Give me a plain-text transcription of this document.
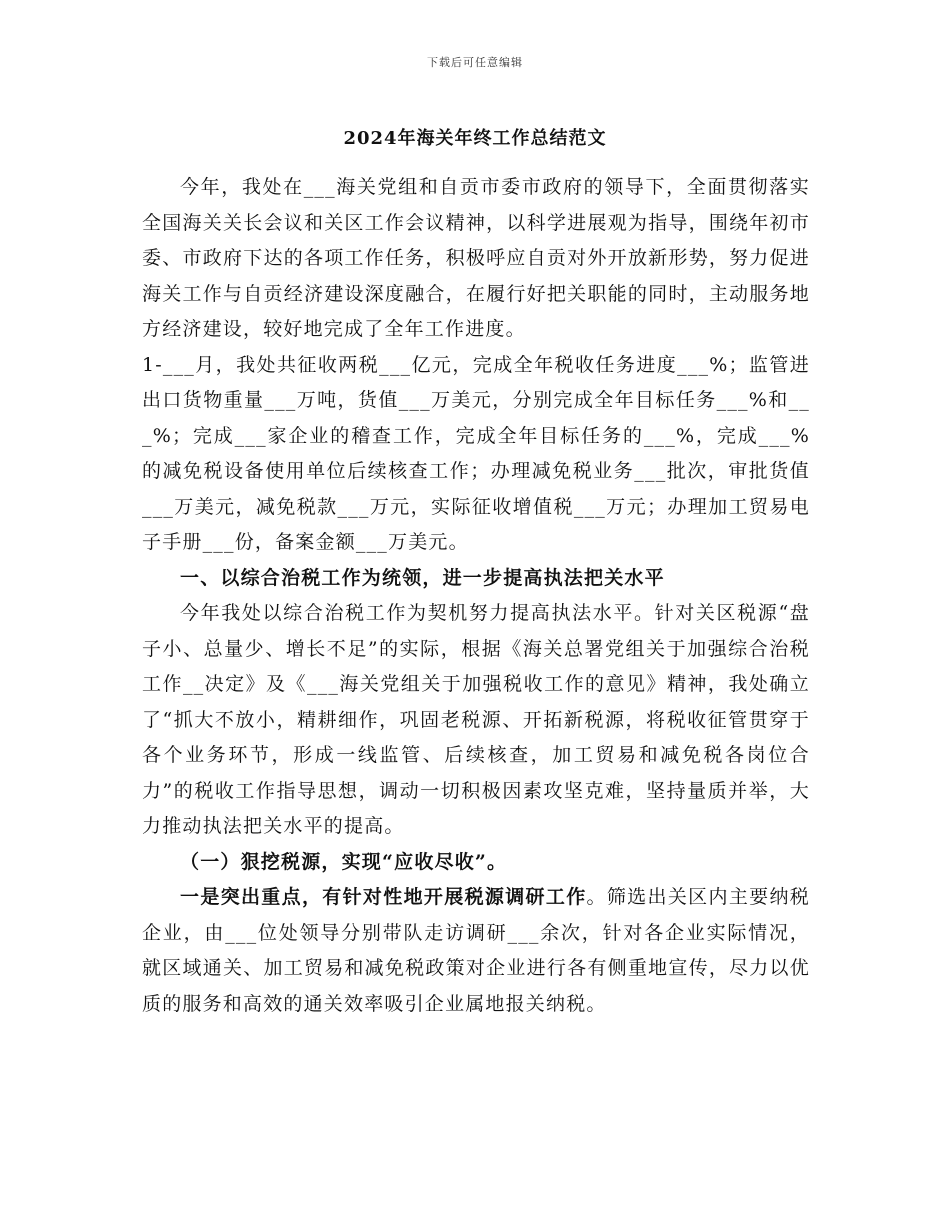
下载后可任意编辑
2024年海关年终工作总结范文

今年，我处在___海关党组和自贡市委市政府的领导下，全面贯彻落实全国海关关长会议和关区工作会议精神，以科学进展观为指导，围绕年初市委、市政府下达的各项工作任务，积极呼应自贡对外开放新形势，努力促进海关工作与自贡经济建设深度融合，在履行好把关职能的同时，主动服务地方经济建设，较好地完成了全年工作进度。

1-___月，我处共征收两税___亿元，完成全年税收任务进度___%；监管进出口货物重量___万吨，货值___万美元，分别完成全年目标任务___%和___%；完成___家企业的稽查工作，完成全年目标任务的___%，完成___%的减免税设备使用单位后续核查工作；办理减免税业务___批次，审批货值___万美元，减免税款___万元，实际征收增值税___万元；办理加工贸易电子手册___份，备案金额___万美元。

一、以综合治税工作为统领，进一步提高执法把关水平

今年我处以综合治税工作为契机努力提高执法水平。针对关区税源“盘子小、总量少、增长不足”的实际，根据《海关总署党组关于加强综合治税工作__决定》及《___海关党组关于加强税收工作的意见》精神，我处确立了“抓大不放小，精耕细作，巩固老税源、开拓新税源，将税收征管贯穿于各个业务环节，形成一线监管、后续核查，加工贸易和减免税各岗位合力”的税收工作指导思想，调动一切积极因素攻坚克难，坚持量质并举，大力推动执法把关水平的提高。

（一）狠挖税源，实现“应收尽收”。

一是突出重点，有针对性地开展税源调研工作。筛选出关区内主要纳税企业，由___位处领导分别带队走访调研___余次，针对各企业实际情况，就区域通关、加工贸易和减免税政策对企业进行各有侧重地宣传，尽力以优质的服务和高效的通关效率吸引企业属地报关纳税。
